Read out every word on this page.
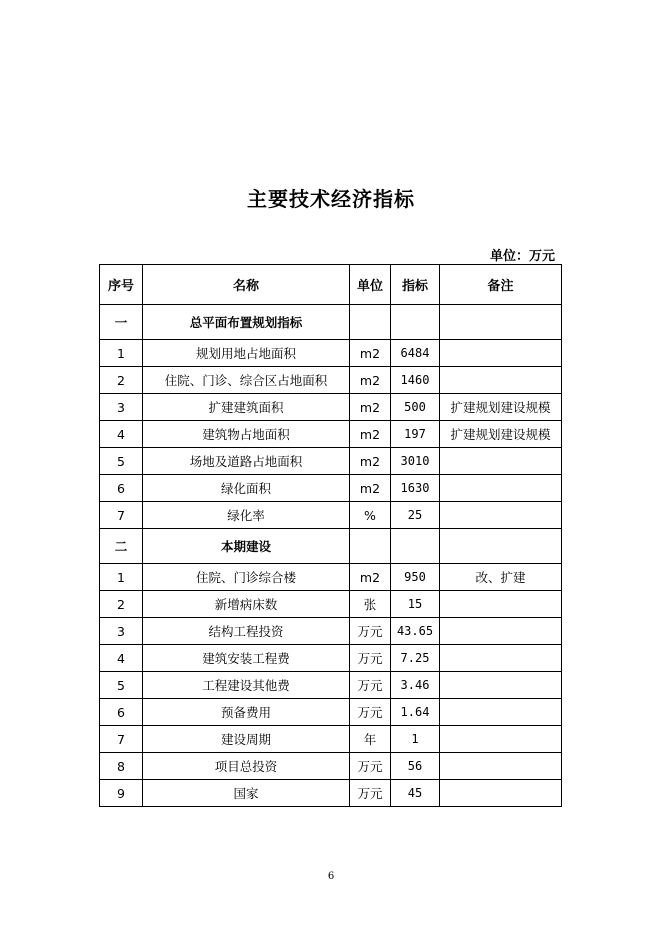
主要技术经济指标
单位：万元
序号	名称	单位	指标	备注
一	总平面布置规划指标			
1	规划用地占地面积	m2	6484	
2	住院、门诊、综合区占地面积	m2	1460	
3	扩建建筑面积	m2	500	扩建规划建设规模
4	建筑物占地面积	m2	197	扩建规划建设规模
5	场地及道路占地面积	m2	3010	
6	绿化面积	m2	1630	
7	绿化率	%	25	
二	本期建设			
1	住院、门诊综合楼	m2	950	改、扩建
2	新增病床数	张	15	
3	结构工程投资	万元	43.65	
4	建筑安装工程费	万元	7.25	
5	工程建设其他费	万元	3.46	
6	预备费用	万元	1.64	
7	建设周期	年	1	
8	项目总投资	万元	56	
9	国家	万元	45	
6
